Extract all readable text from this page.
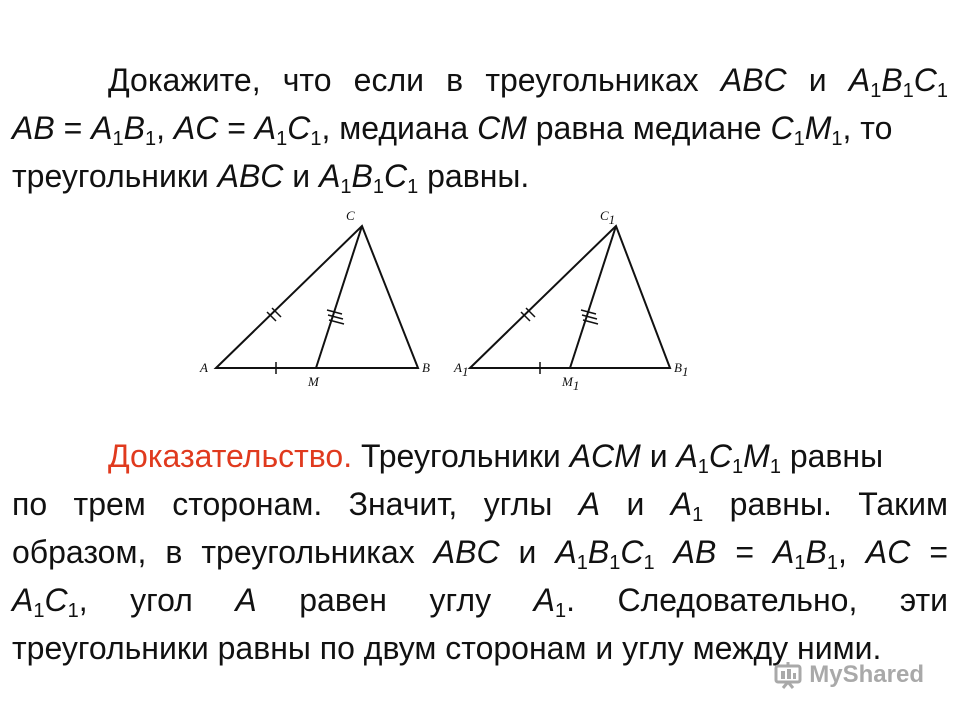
Докажите, что если в треугольниках ABC и $A_1B_1C_1$
AB = $A_1B_1$, AC = $A_1C_1$, медиана CM равна медиане $C_1M_1$, то
треугольники ABC и $A_1B_1C_1$ равны.
A	B
C
M
A1	B1
C1
M1
Доказательство. Треугольники ACM и $A_1C_1M_1$ равны
по трем сторонам. Значит, углы A и $A_1$ равны. Таким
образом, в треугольниках ABC и $A_1B_1C_1$ AB = $A_1B_1$, AC =
$A_1C_1$, угол A равен углу $A_1$. Следовательно, эти
треугольники равны по двум сторонам и углу между ними.
MyShared
